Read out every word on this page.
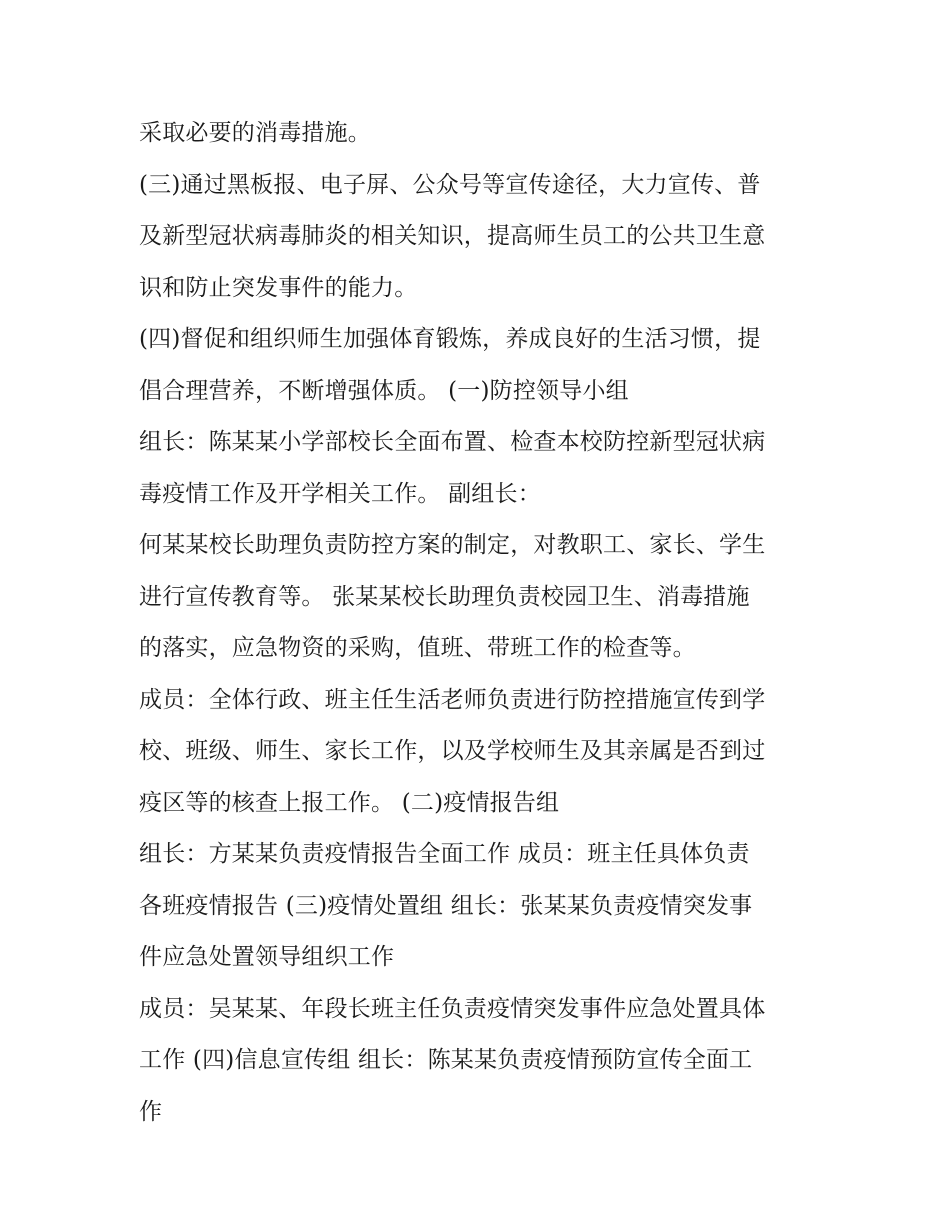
采取必要的消毒措施。
(三)通过黑板报、电子屏、公众号等宣传途径，大力宣传、普
及新型冠状病毒肺炎的相关知识，提高师生员工的公共卫生意
识和防止突发事件的能力。
(四)督促和组织师生加强体育锻炼，养成良好的生活习惯，提
倡合理营养，不断增强体质。 (一)防控领导小组
组长：陈某某小学部校长全面布置、检查本校防控新型冠状病
毒疫情工作及开学相关工作。 副组长：
何某某校长助理负责防控方案的制定，对教职工、家长、学生
进行宣传教育等。 张某某校长助理负责校园卫生、消毒措施
的落实，应急物资的采购，值班、带班工作的检查等。
成员：全体行政、班主任生活老师负责进行防控措施宣传到学
校、班级、师生、家长工作，以及学校师生及其亲属是否到过
疫区等的核查上报工作。 (二)疫情报告组
组长：方某某负责疫情报告全面工作 成员：班主任具体负责
各班疫情报告 (三)疫情处置组 组长：张某某负责疫情突发事
件应急处置领导组织工作
成员：吴某某、年段长班主任负责疫情突发事件应急处置具体
工作 (四)信息宣传组 组长：陈某某负责疫情预防宣传全面工
作
